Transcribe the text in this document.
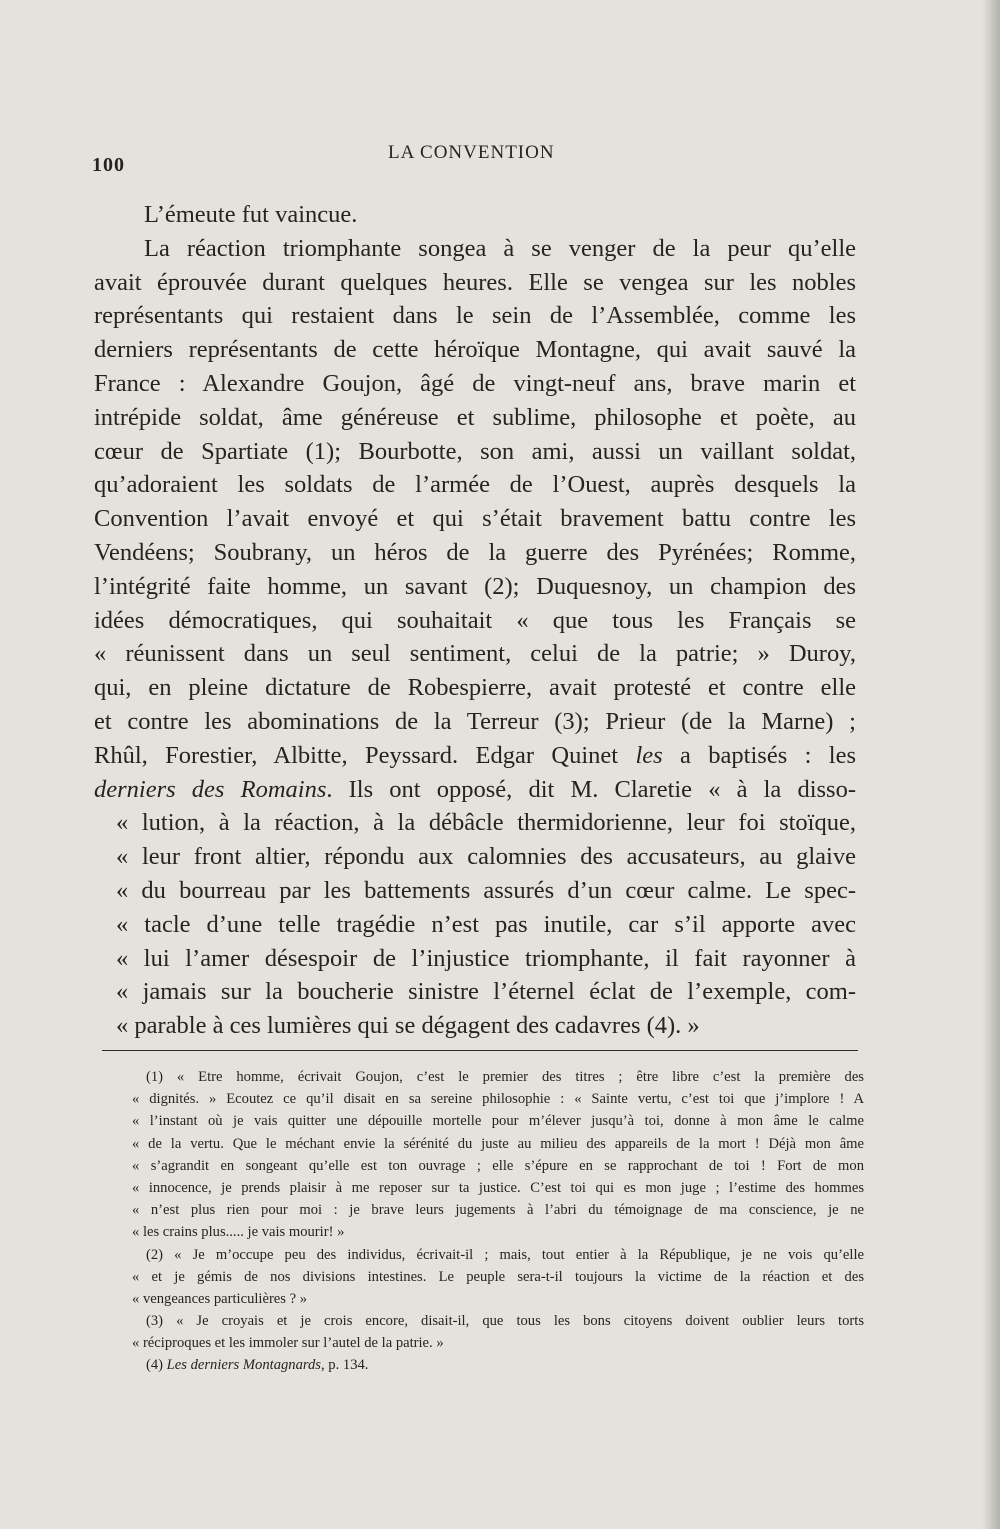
100
LA CONVENTION
L’émeute fut vaincue.
La réaction triomphante songea à se venger de la peur qu’elle
avait éprouvée durant quelques heures. Elle se vengea sur les nobles
représentants qui restaient dans le sein de l’Assemblée, comme les
derniers représentants de cette héroïque Montagne, qui avait sauvé la
France : Alexandre Goujon, âgé de vingt-neuf ans, brave marin et
intrépide soldat, âme généreuse et sublime, philosophe et poète, au
cœur de Spartiate (1); Bourbotte, son ami, aussi un vaillant soldat,
qu’adoraient les soldats de l’armée de l’Ouest, auprès desquels la
Convention l’avait envoyé et qui s’était bravement battu contre les
Vendéens; Soubrany, un héros de la guerre des Pyrénées; Romme,
l’intégrité faite homme, un savant (2); Duquesnoy, un champion des
idées démocratiques, qui souhaitait « que tous les Français se
« réunissent dans un seul sentiment, celui de la patrie; » Duroy,
qui, en pleine dictature de Robespierre, avait protesté et contre elle
et contre les abominations de la Terreur (3); Prieur (de la Marne) ;
Rhûl, Forestier, Albitte, Peyssard. Edgar Quinet les a baptisés : les
derniers des Romains. Ils ont opposé, dit M. Claretie « à la disso-
« lution, à la réaction, à la débâcle thermidorienne, leur foi stoïque,
« leur front altier, répondu aux calomnies des accusateurs, au glaive
« du bourreau par les battements assurés d’un cœur calme. Le spec-
« tacle d’une telle tragédie n’est pas inutile, car s’il apporte avec
« lui l’amer désespoir de l’injustice triomphante, il fait rayonner à
« jamais sur la boucherie sinistre l’éternel éclat de l’exemple, com-
« parable à ces lumières qui se dégagent des cadavres (4). »
(1) « Etre homme, écrivait Goujon, c’est le premier des titres ; être libre c’est la première des
« dignités. » Ecoutez ce qu’il disait en sa sereine philosophie : « Sainte vertu, c’est toi que j’implore ! A
« l’instant où je vais quitter une dépouille mortelle pour m’élever jusqu’à toi, donne à mon âme le calme
« de la vertu. Que le méchant envie la sérénité du juste au milieu des appareils de la mort ! Déjà mon âme
« s’agrandit en songeant qu’elle est ton ouvrage ; elle s’épure en se rapprochant de toi ! Fort de mon
« innocence, je prends plaisir à me reposer sur ta justice. C’est toi qui es mon juge ; l’estime des hommes
« n’est plus rien pour moi : je brave leurs jugements à l’abri du témoignage de ma conscience, je ne
« les crains plus..... je vais mourir! »
(2) « Je m’occupe peu des individus, écrivait-il ; mais, tout entier à la République, je ne vois qu’elle
« et je gémis de nos divisions intestines. Le peuple sera-t-il toujours la victime de la réaction et des
« vengeances particulières ? »
(3) « Je croyais et je crois encore, disait-il, que tous les bons citoyens doivent oublier leurs torts
« réciproques et les immoler sur l’autel de la patrie. »
(4) Les derniers Montagnards, p. 134.
